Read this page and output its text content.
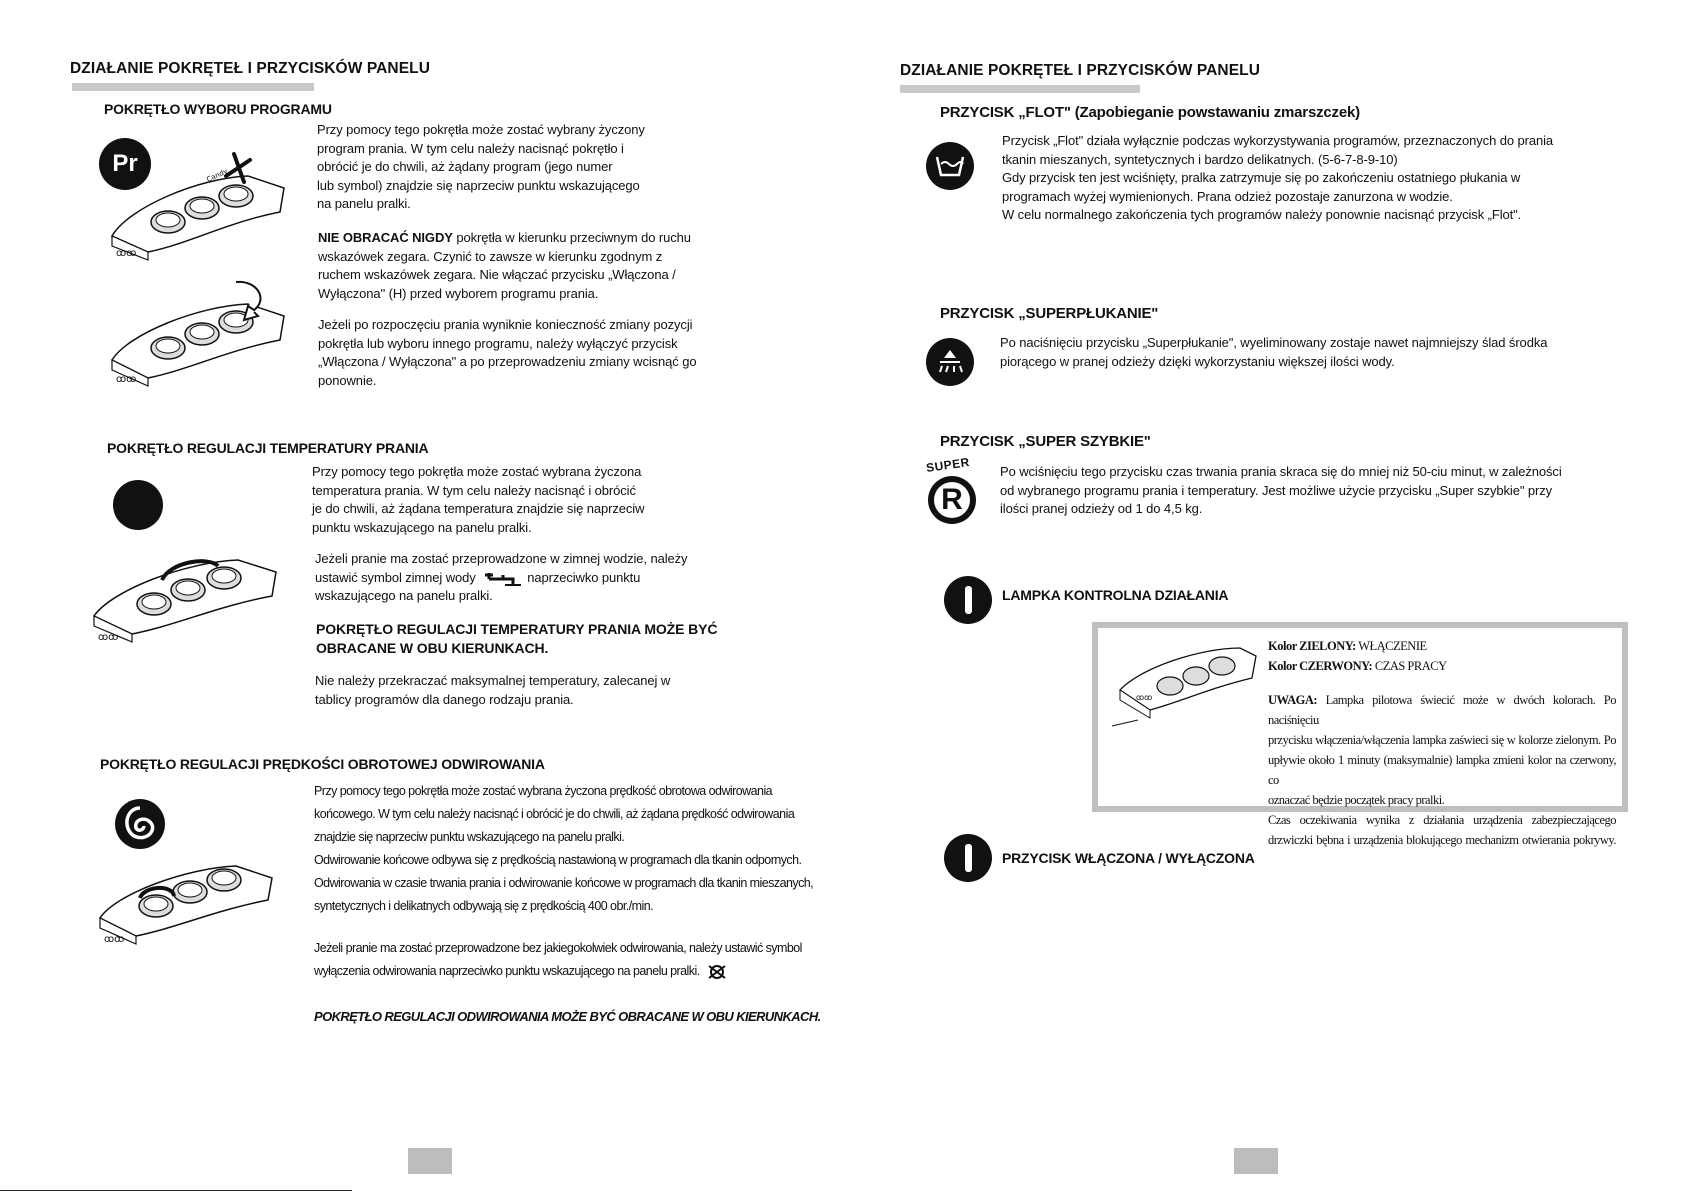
DZIAŁANIE POKRĘTEŁ I PRZYCISKÓW PANELU
POKRĘTŁO WYBORU PROGRAMU
Pr
ꝏꝏ
Candy
Przy pomocy tego pokrętła może zostać wybrany życzony
program prania. W tym celu należy nacisnąć pokrętło i
obrócić je do chwili, aż żądany program (jego numer
lub symbol) znajdzie się naprzeciw punktu wskazującego
na panelu pralki.
NIE OBRACAĆ NIGDY pokrętła w kierunku przeciwnym do ruchu
wskazówek zegara. Czynić to zawsze w kierunku zgodnym z
ruchem wskazówek zegara. Nie włączać przycisku „Włączona /
Wyłączona" (H) przed wyborem programu prania.
ꝏꝏ
Jeżeli po rozpoczęciu prania wyniknie konieczność zmiany pozycji
pokrętła lub wyboru innego programu, należy wyłączyć przycisk
„Włączona / Wyłączona" a po przeprowadzeniu zmiany wcisnąć go
ponownie.
POKRĘTŁO REGULACJI TEMPERATURY PRANIA
Przy pomocy tego pokrętła może zostać wybrana życzona
temperatura prania. W tym celu należy nacisnąć i obrócić
je do chwili, aż żądana temperatura znajdzie się naprzeciw
punktu wskazującego na panelu pralki.
ꝏꝏ
Jeżeli pranie ma zostać przeprowadzone w zimnej wodzie, należy
ustawić symbol zimnej wody	naprzeciwko punktu
wskazującego na panelu pralki.
POKRĘTŁO REGULACJI TEMPERATURY PRANIA MOŻE BYĆ
OBRACANE W OBU KIERUNKACH.
Nie należy przekraczać maksymalnej temperatury, zalecanej w
tablicy programów dla danego rodzaju prania.
POKRĘTŁO REGULACJI PRĘDKOŚCI OBROTOWEJ ODWIROWANIA
ꝏꝏ
Przy pomocy tego pokrętła może zostać wybrana życzona prędkość obrotowa odwirowania
końcowego. W tym celu należy nacisnąć i obrócić je do chwili, aż żądana prędkość odwirowania
znajdzie się naprzeciw punktu wskazującego na panelu pralki.
Odwirowanie końcowe odbywa się z prędkością nastawioną w programach dla tkanin odpornych.
Odwirowania w czasie trwania prania i odwirowanie końcowe w programach dla tkanin mieszanych,
syntetycznych i delikatnych odbywają się z prędkością 400 obr./min.
Jeżeli pranie ma zostać przeprowadzone bez jakiegokolwiek odwirowania, należy ustawić symbol
wyłączenia odwirowania naprzeciwko punktu wskazującego na panelu pralki.
POKRĘTŁO REGULACJI ODWIROWANIA MOŻE BYĆ OBRACANE W OBU KIERUNKACH.
DZIAŁANIE POKRĘTEŁ I PRZYCISKÓW PANELU
PRZYCISK „FLOT" (Zapobieganie powstawaniu zmarszczek)
Przycisk „Flot" działa wyłącznie podczas wykorzystywania programów, przeznaczonych do prania
tkanin mieszanych, syntetycznych i bardzo delikatnych. (5-6-7-8-9-10)
Gdy przycisk ten jest wciśnięty, pralka zatrzymuje się po zakończeniu ostatniego płukania w
programach wyżej wymienionych. Prana odzież pozostaje zanurzona w wodzie.
W celu normalnego zakończenia tych programów należy ponownie nacisnąć przycisk „Flot".
PRZYCISK „SUPERPŁUKANIE"
Po naciśnięciu przycisku „Superpłukanie", wyeliminowany zostaje nawet najmniejszy ślad środka
piorącego w pranej odzieży dzięki wykorzystaniu większej ilości wody.
PRZYCISK „SUPER SZYBKIE"
SUPER
R
Po wciśnięciu tego przycisku czas trwania prania skraca się do mniej niż 50-ciu minut, w zależności
od wybranego programu prania i temperatury. Jest możliwe użycie przycisku „Super szybkie" przy
ilości pranej odzieży od 1 do 4,5 kg.
LAMPKA KONTROLNA DZIAŁANIA
ꝏꝏ
Kolor ZIELONY: WŁĄCZENIE
Kolor CZERWONY: CZAS PRACY
UWAGA: Lampka pilotowa świecić może w dwóch kolorach. Po naciśnięciu
przycisku włączenia/włączenia lampka zaświeci się w kolorze zielonym. Po
upływie około 1 minuty (maksymalnie) lampka zmieni kolor na czerwony, co
oznaczać będzie początek pracy pralki.
Czas oczekiwania wynika z działania urządzenia zabezpieczającego
drzwiczki bębna i urządzenia blokującego mechanizm otwierania pokrywy.
PRZYCISK WŁĄCZONA / WYŁĄCZONA
